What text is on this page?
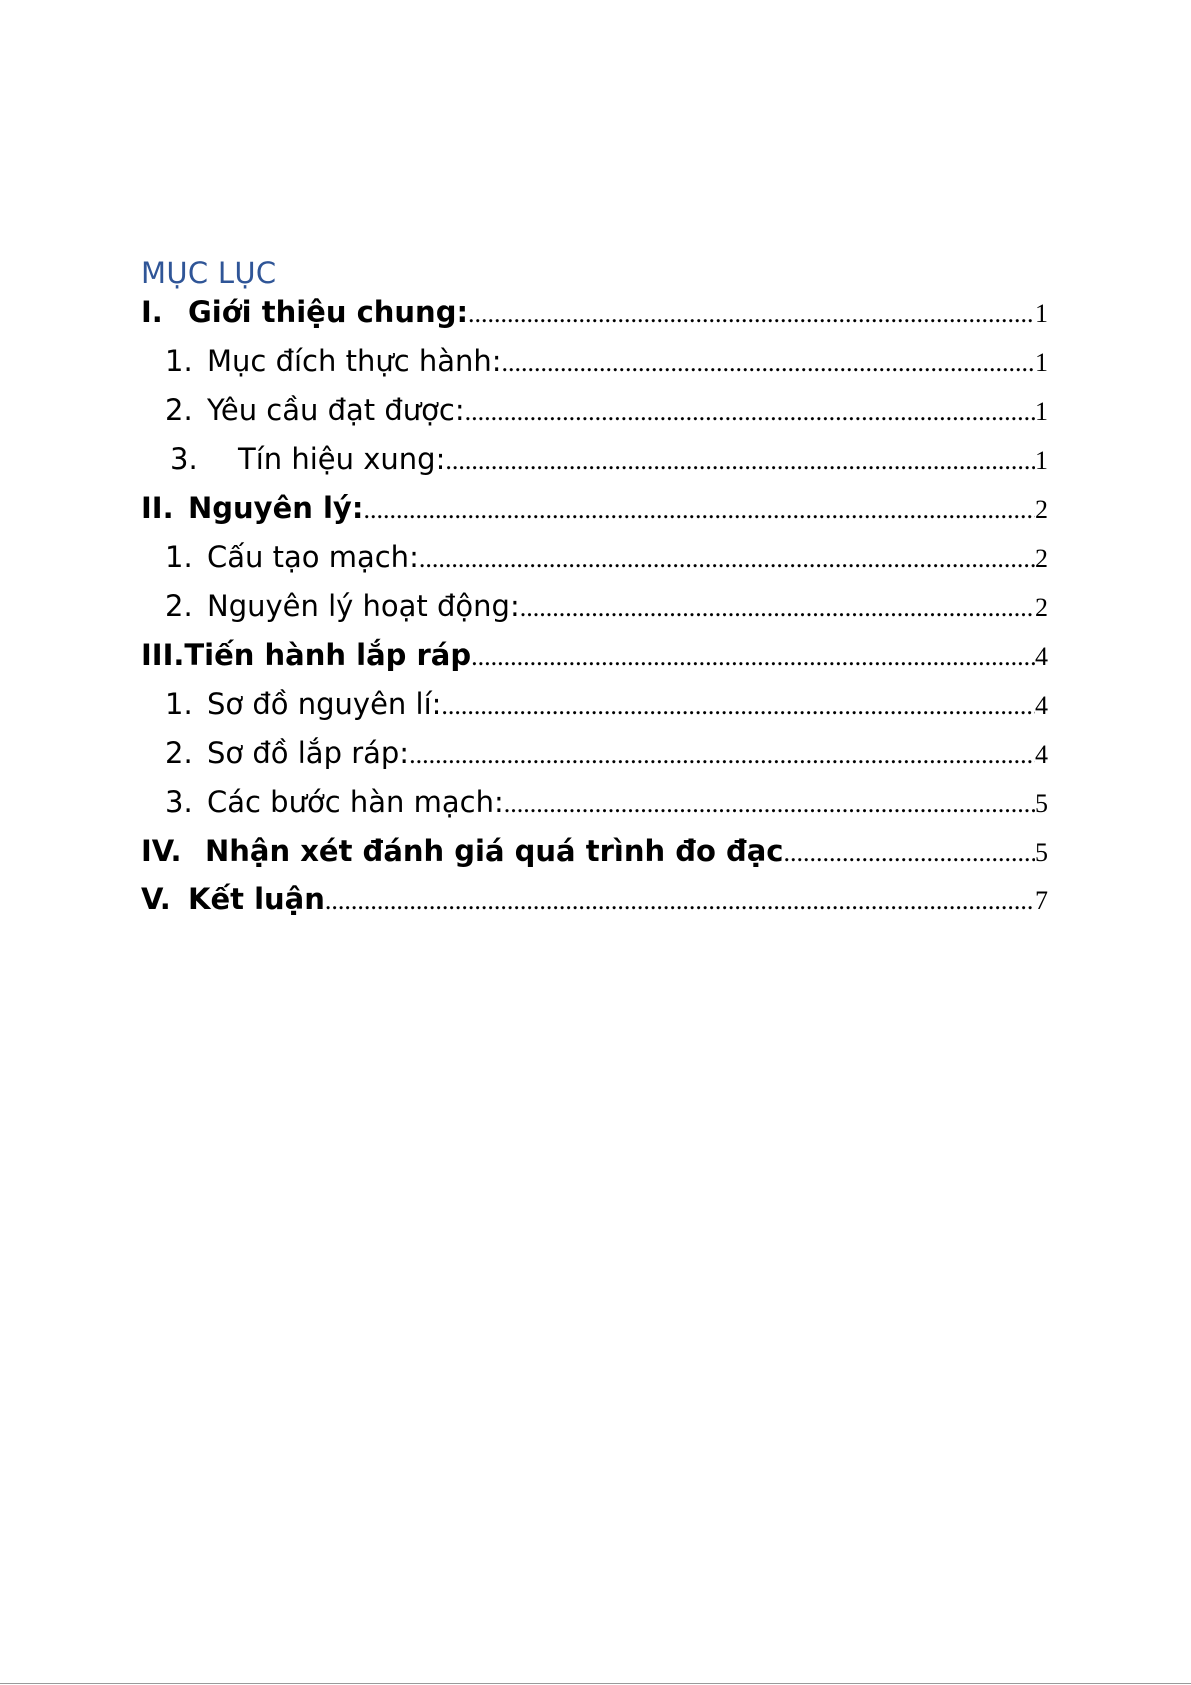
MỤC LỤC
I. Giới thiệu chung: .....	1
1. Mục đích thực hành: .....	1
2. Yêu cầu đạt được: .....	1
3. Tín hiệu xung: .....	1
II. Nguyên lý: .....	2
1. Cấu tạo mạch: .....	2
2. Nguyên lý hoạt động: .....	2
III.Tiến hành lắp ráp .....	4
1. Sơ đồ nguyên lí: .....	4
2. Sơ đồ lắp ráp: .....	4
3. Các bước hàn mạch: .....	5
IV. Nhận xét đánh giá quá trình đo đạc .....	5
V. Kết luận .....	7
